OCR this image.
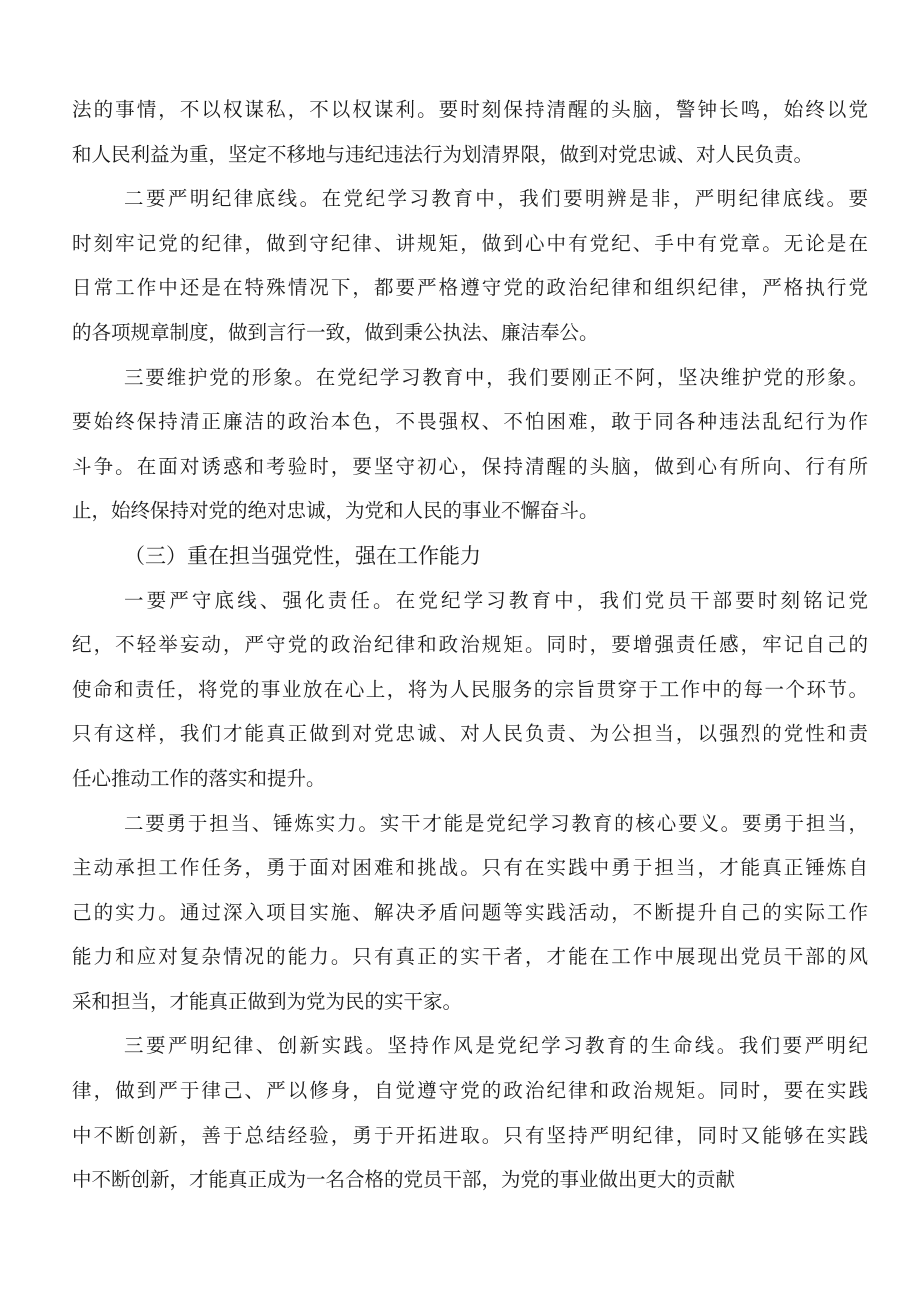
法的事情，不以权谋私，不以权谋利。要时刻保持清醒的头脑，警钟长鸣，始终以党
和人民利益为重，坚定不移地与违纪违法行为划清界限，做到对党忠诚、对人民负责。
二要严明纪律底线。在党纪学习教育中，我们要明辨是非，严明纪律底线。要
时刻牢记党的纪律，做到守纪律、讲规矩，做到心中有党纪、手中有党章。无论是在
日常工作中还是在特殊情况下，都要严格遵守党的政治纪律和组织纪律，严格执行党
的各项规章制度，做到言行一致，做到秉公执法、廉洁奉公。
三要维护党的形象。在党纪学习教育中，我们要刚正不阿，坚决维护党的形象。
要始终保持清正廉洁的政治本色，不畏强权、不怕困难，敢于同各种违法乱纪行为作
斗争。在面对诱惑和考验时，要坚守初心，保持清醒的头脑，做到心有所向、行有所
止，始终保持对党的绝对忠诚，为党和人民的事业不懈奋斗。
（三）重在担当强党性，强在工作能力
一要严守底线、强化责任。在党纪学习教育中，我们党员干部要时刻铭记党
纪，不轻举妄动，严守党的政治纪律和政治规矩。同时，要增强责任感，牢记自己的
使命和责任，将党的事业放在心上，将为人民服务的宗旨贯穿于工作中的每一个环节。
只有这样，我们才能真正做到对党忠诚、对人民负责、为公担当，以强烈的党性和责
任心推动工作的落实和提升。
二要勇于担当、锤炼实力。实干才能是党纪学习教育的核心要义。要勇于担当，
主动承担工作任务，勇于面对困难和挑战。只有在实践中勇于担当，才能真正锤炼自
己的实力。通过深入项目实施、解决矛盾问题等实践活动，不断提升自己的实际工作
能力和应对复杂情况的能力。只有真正的实干者，才能在工作中展现出党员干部的风
采和担当，才能真正做到为党为民的实干家。
三要严明纪律、创新实践。坚持作风是党纪学习教育的生命线。我们要严明纪
律，做到严于律己、严以修身，自觉遵守党的政治纪律和政治规矩。同时，要在实践
中不断创新，善于总结经验，勇于开拓进取。只有坚持严明纪律，同时又能够在实践
中不断创新，才能真正成为一名合格的党员干部，为党的事业做出更大的贡献
